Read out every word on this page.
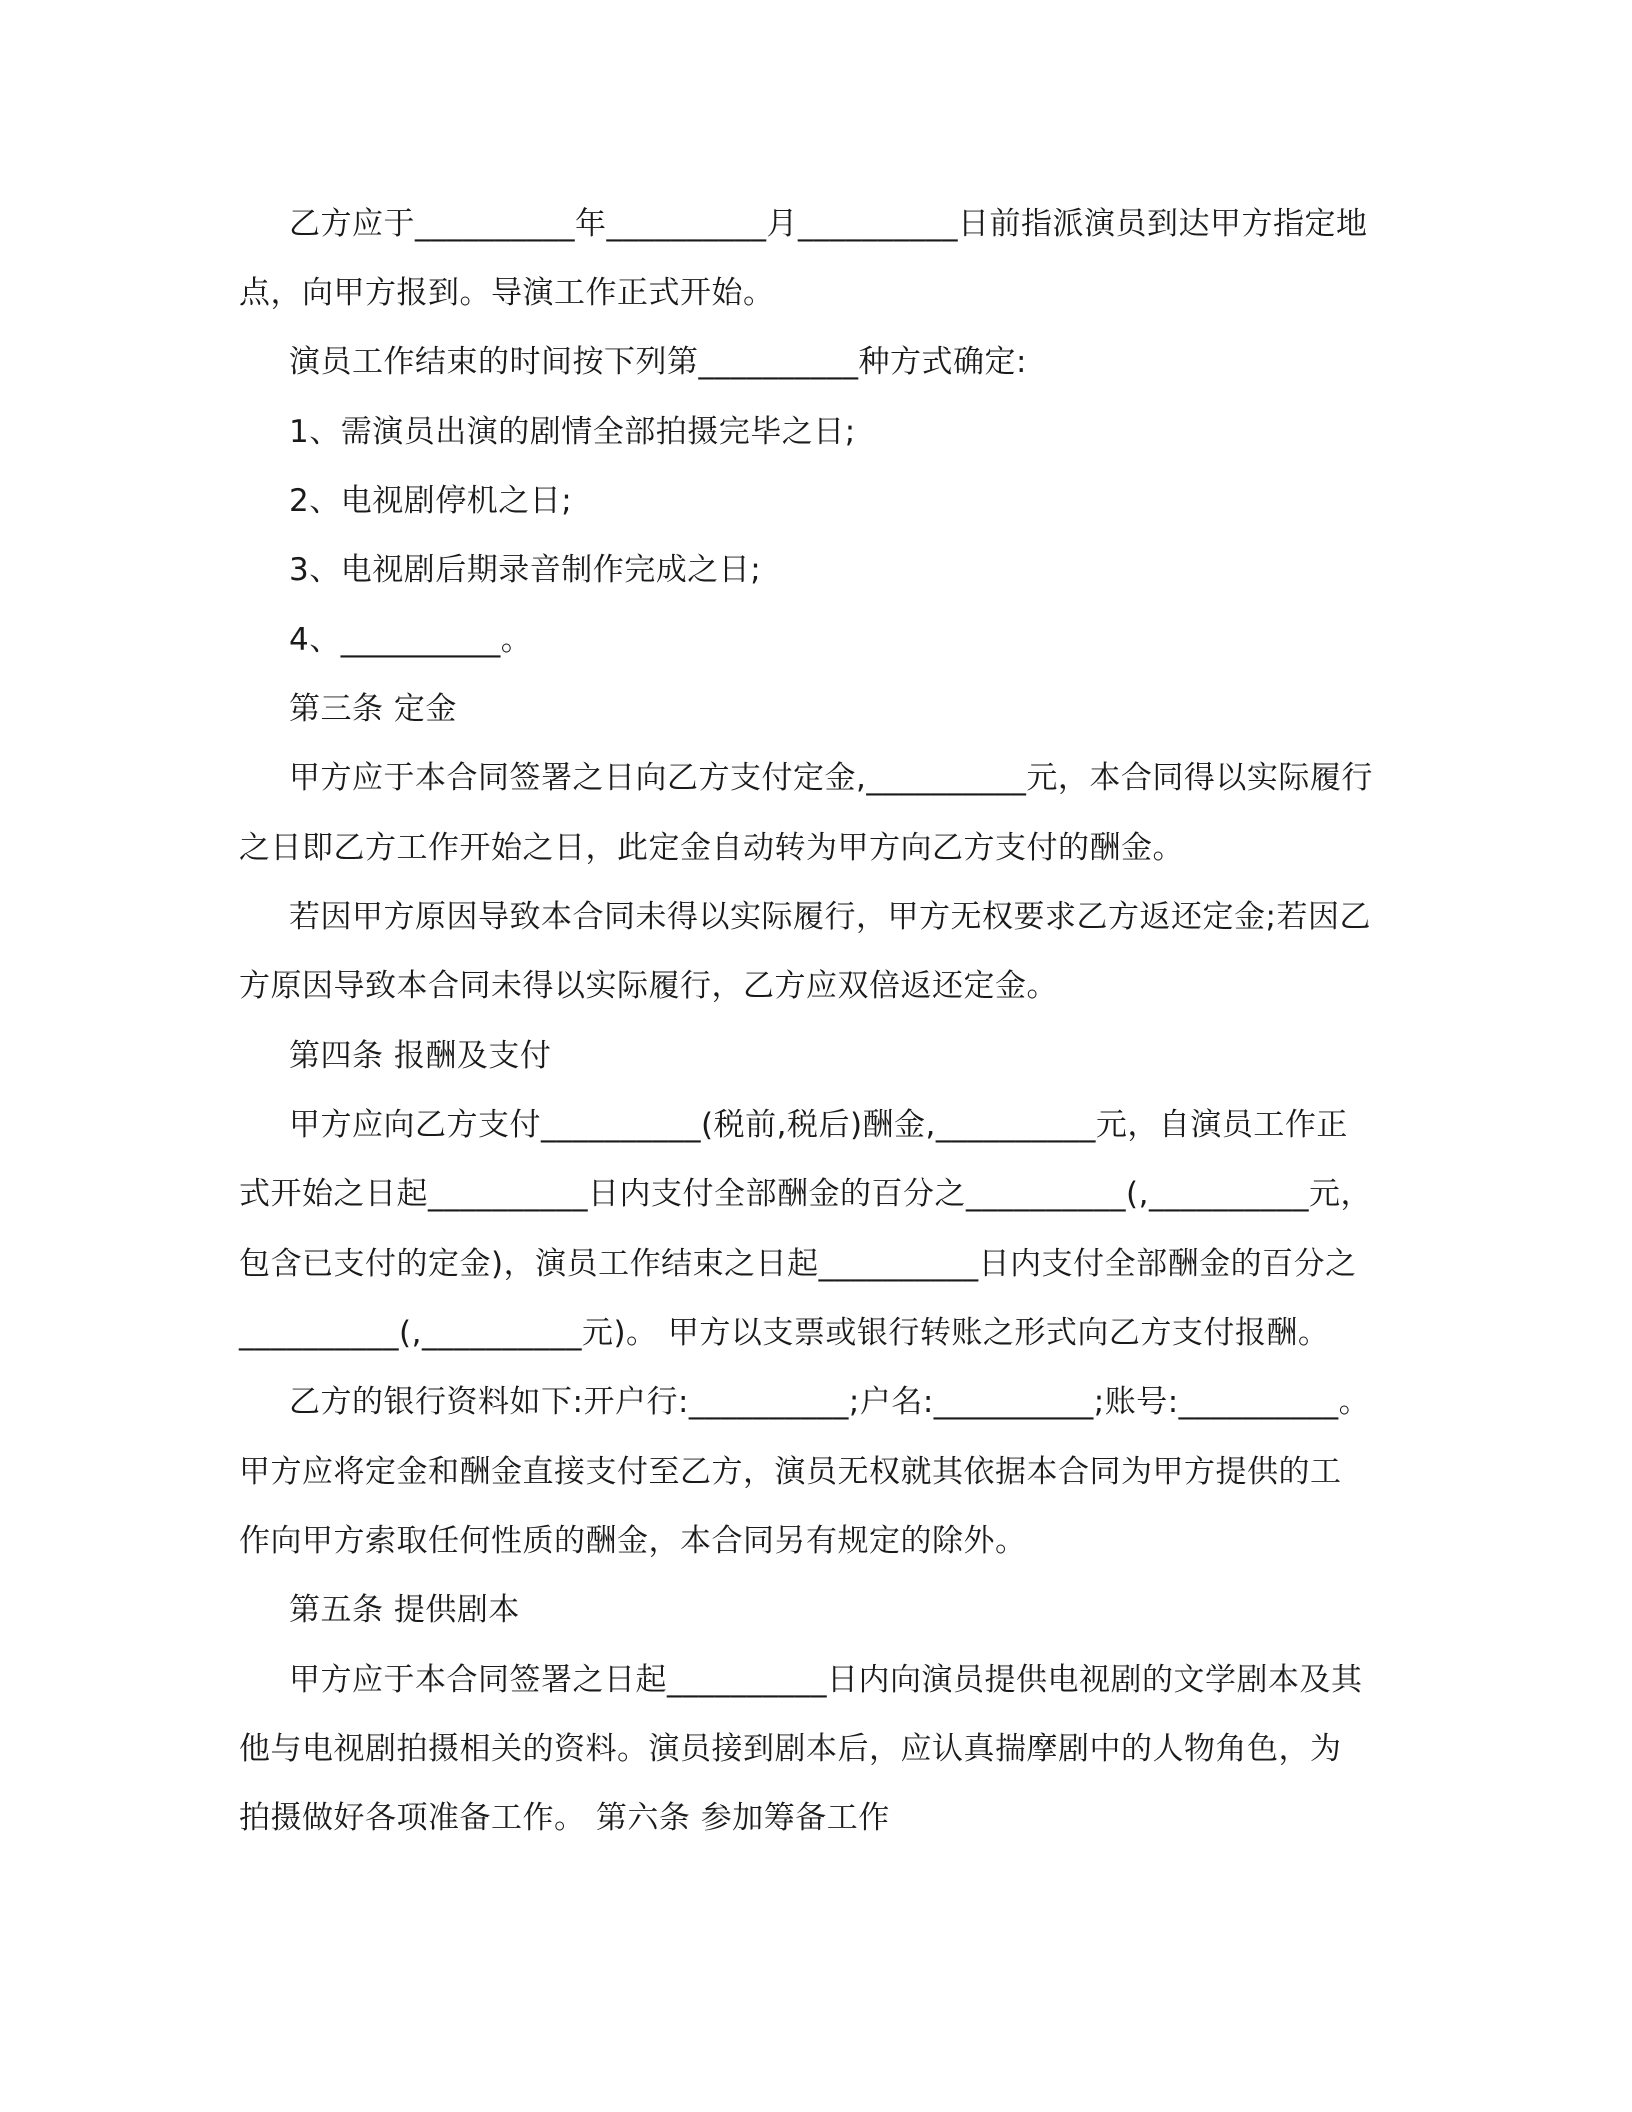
乙方应于__________年__________月__________日前指派演员到达甲方指定地
点，向甲方报到。导演工作正式开始。
演员工作结束的时间按下列第__________种方式确定:
1、需演员出演的剧情全部拍摄完毕之日;
2、电视剧停机之日;
3、电视剧后期录音制作完成之日;
4、__________。
第三条 定金
甲方应于本合同签署之日向乙方支付定金,__________元，本合同得以实际履行
之日即乙方工作开始之日，此定金自动转为甲方向乙方支付的酬金。
若因甲方原因导致本合同未得以实际履行，甲方无权要求乙方返还定金;若因乙
方原因导致本合同未得以实际履行，乙方应双倍返还定金。
第四条 报酬及支付
甲方应向乙方支付__________(税前,税后)酬金,__________元，自演员工作正
式开始之日起__________日内支付全部酬金的百分之__________(,__________元，
包含已支付的定金)，演员工作结束之日起__________日内支付全部酬金的百分之
__________(,__________元)。 甲方以支票或银行转账之形式向乙方支付报酬。
乙方的银行资料如下:开户行:__________;户名:__________;账号:__________。
甲方应将定金和酬金直接支付至乙方，演员无权就其依据本合同为甲方提供的工
作向甲方索取任何性质的酬金，本合同另有规定的除外。
第五条 提供剧本
甲方应于本合同签署之日起__________日内向演员提供电视剧的文学剧本及其
他与电视剧拍摄相关的资料。演员接到剧本后，应认真揣摩剧中的人物角色，为
拍摄做好各项准备工作。 第六条 参加筹备工作
